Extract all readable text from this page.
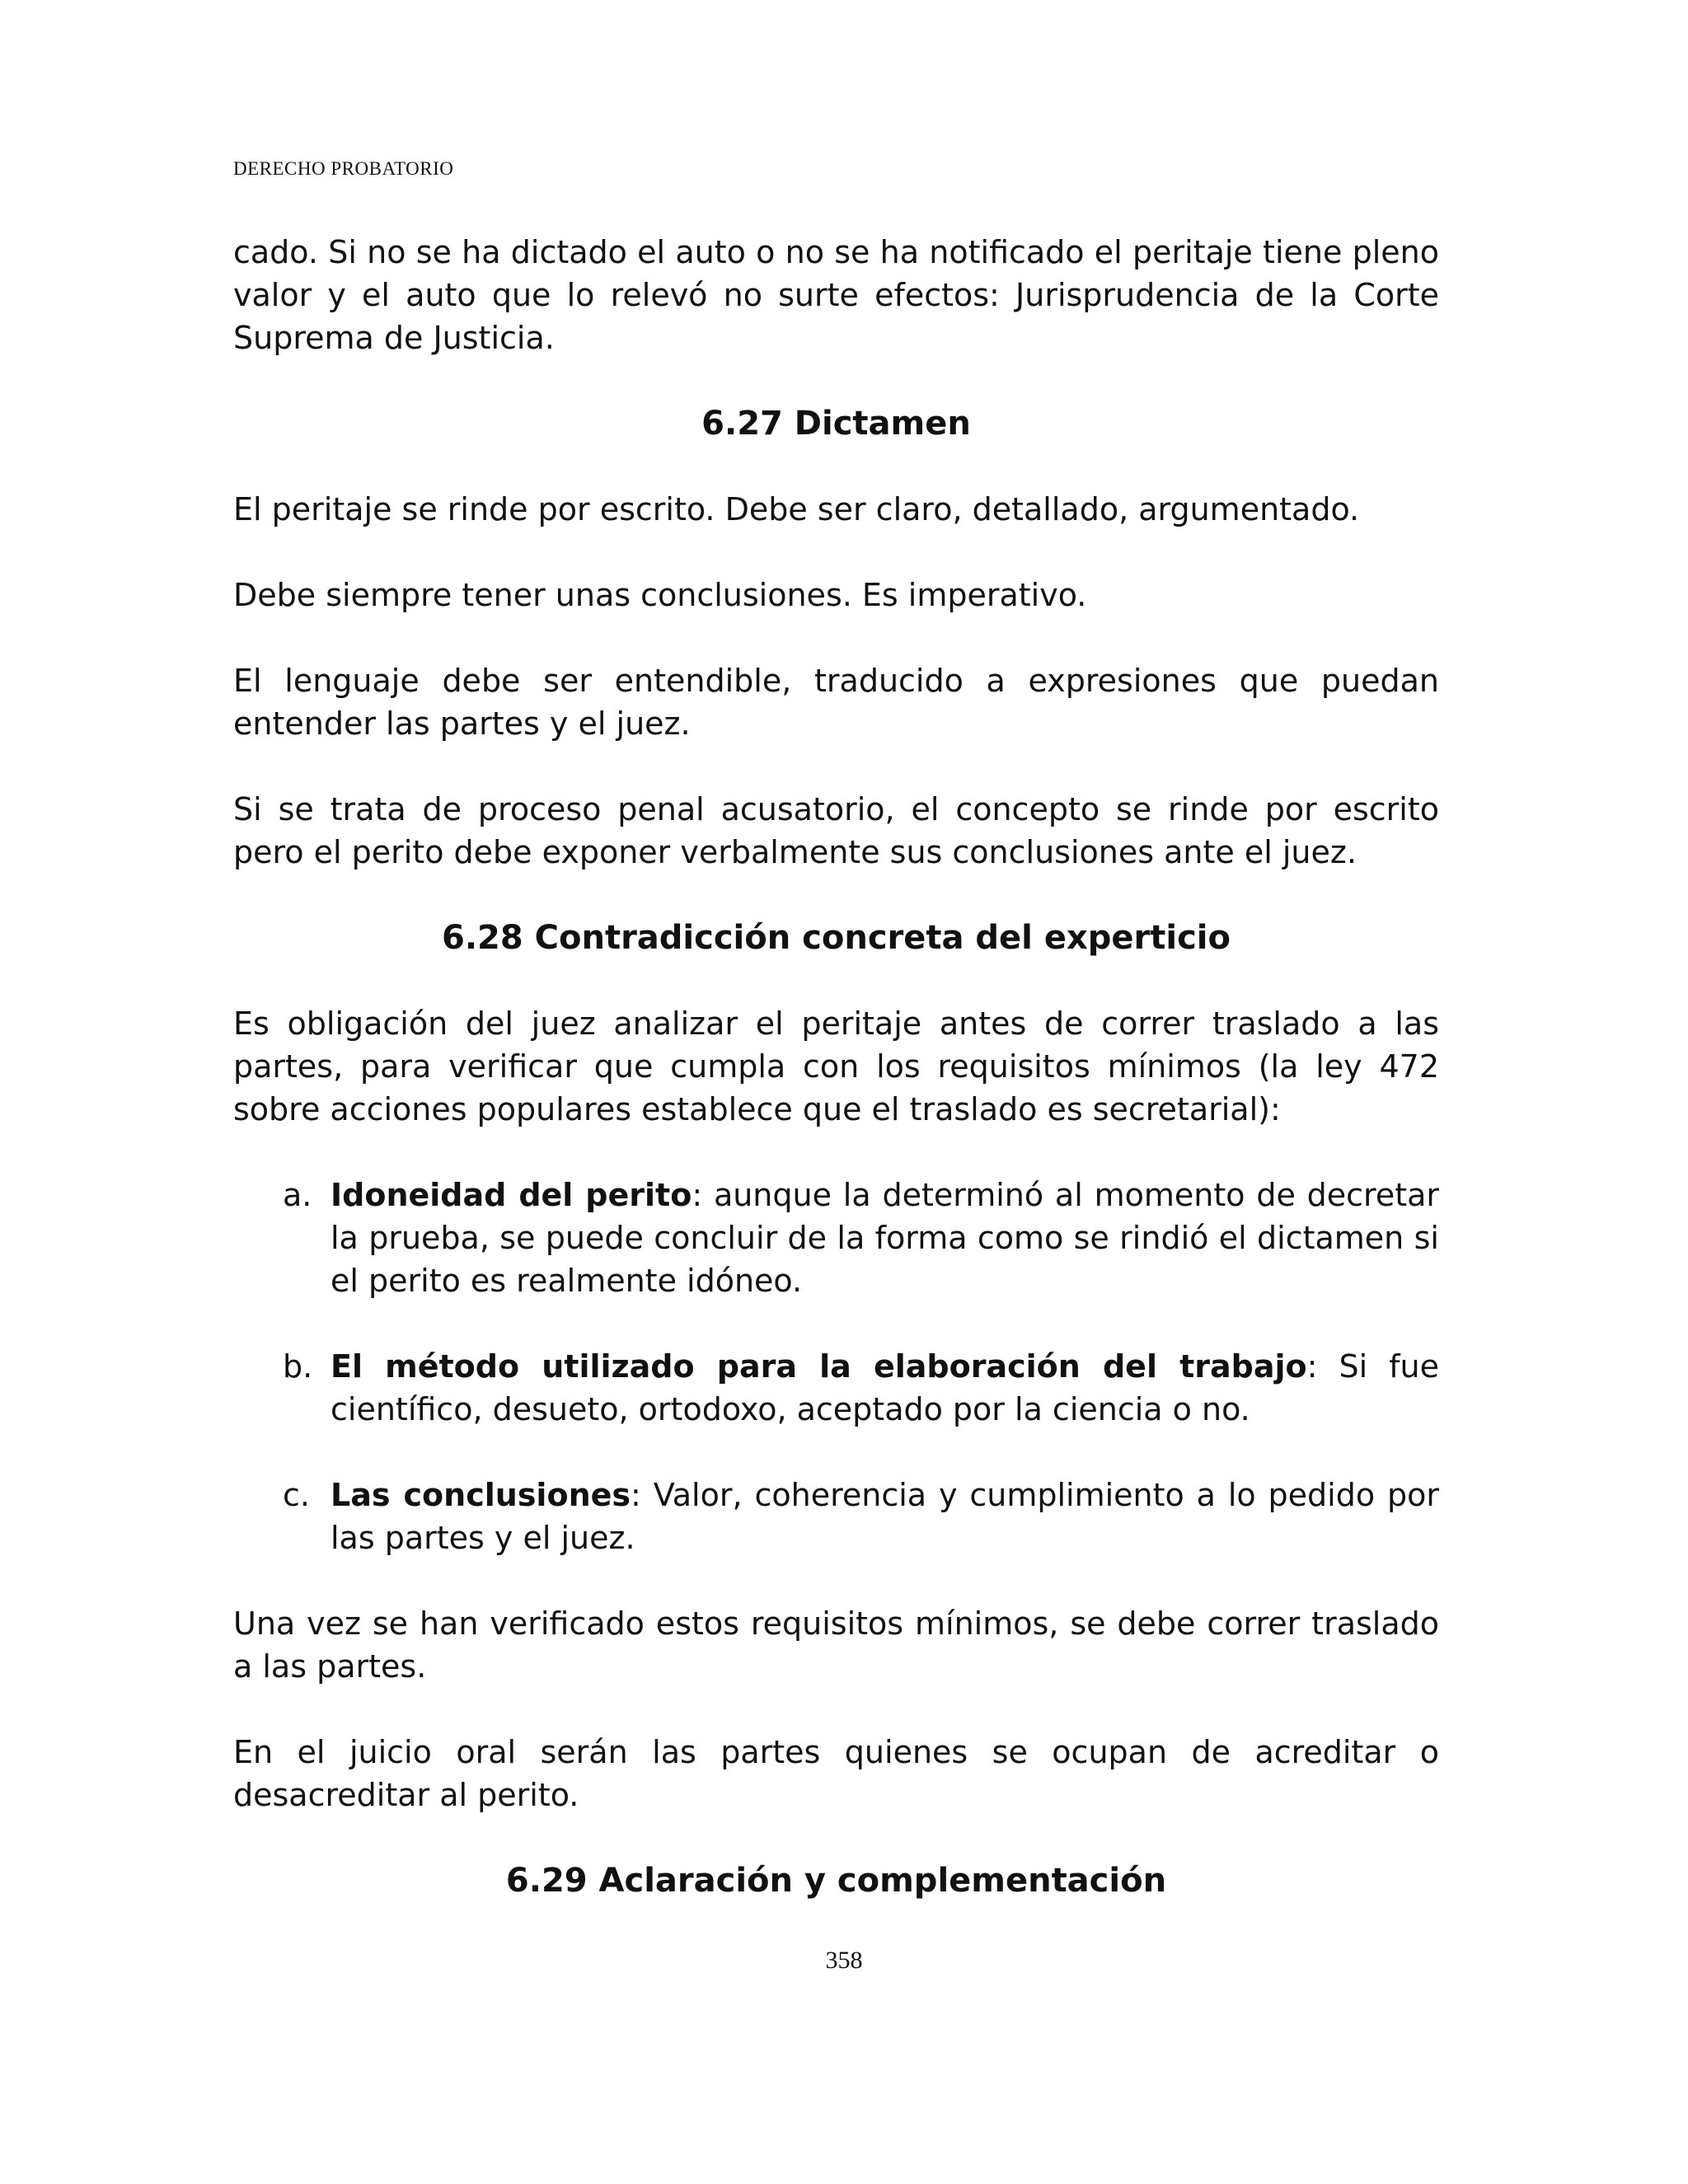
DERECHO PROBATORIO

cado. Si no se ha dictado el auto o no se ha notificado el peritaje tiene pleno valor y el auto que lo relevó no surte efectos: Jurisprudencia de la Corte Suprema de Justicia.

6.27 Dictamen

El peritaje se rinde por escrito. Debe ser claro, detallado, argumentado.

Debe siempre tener unas conclusiones. Es imperativo.

El lenguaje debe ser entendible, traducido a expresiones que puedan entender las partes y el juez.

Si se trata de proceso penal acusatorio, el concepto se rinde por escrito pero el perito debe exponer verbalmente sus conclusiones ante el juez.

6.28 Contradicción concreta del experticio

Es obligación del juez analizar el peritaje antes de correr traslado a las partes, para verificar que cumpla con los requisitos mínimos (la ley 472 sobre acciones populares establece que el traslado es secretarial):

a. Idoneidad del perito: aunque la determinó al momento de decretar la prueba, se puede concluir de la forma como se rindió el dictamen si el perito es realmente idóneo.
b. El método utilizado para la elaboración del trabajo: Si fue científico, desueto, ortodoxo, aceptado por la ciencia o no.
c. Las conclusiones: Valor, coherencia y cumplimiento a lo pedido por las partes y el juez.

Una vez se han verificado estos requisitos mínimos, se debe correr traslado a las partes.

En el juicio oral serán las partes quienes se ocupan de acreditar o desacreditar al perito.

6.29 Aclaración y complementación
358
